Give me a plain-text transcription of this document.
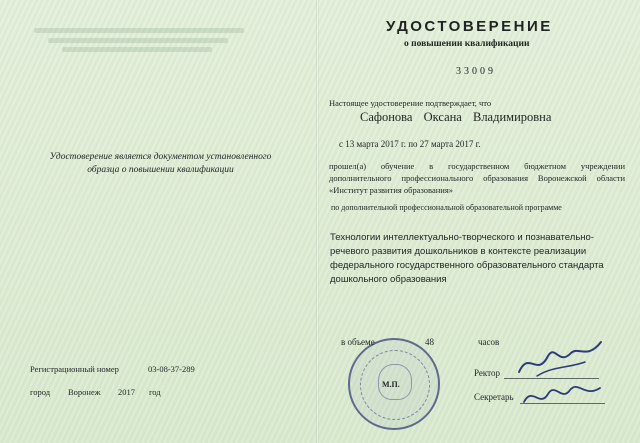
Удостоверение является документом установленного образца о повышении квалификации
Регистрационный номер	03-08-37-289
город Воронеж 2017 год
УДОСТОВЕРЕНИЕ
о повышении квалификации
33009
Настоящее удостоверение подтверждает, что
Сафонова Оксана Владимировна
с 13 марта 2017 г. по 27 марта 2017 г.
прошел(а) обучение в государственном бюджетном учреждении дополнительного профессионального образования Воронежской области «Институт развития образования»
по дополнительной профессиональной образовательной программе
Технологии интеллектуально-творческого и познавательно-речевого развития дошкольников в контексте реализации федерального государственного образовательного стандарта дошкольного образования
М.П.
в объеме	48	часов
Ректор
Секретарь
